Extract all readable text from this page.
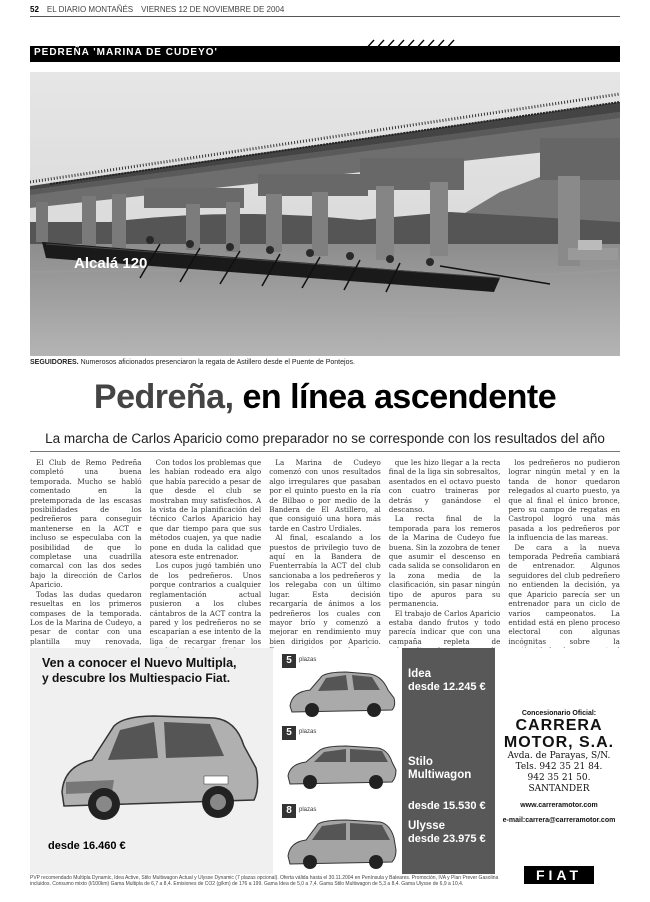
52 EL DIARIO MONTAÑÉS VIERNES 12 DE NOVIEMBRE DE 2004
PEDREÑA 'MARINA DE CUDEYO'
Alcalá 120
SEGUIDORES. Numerosos aficionados presenciaron la regata de Astillero desde el Puente de Pontejos.
Pedreña, en línea ascendente
La marcha de Carlos Aparicio como preparador no se corresponde con los resultados del año

El Club de Remo Pedreña completó una buena temporada. Mucho se habló comentado en la pretemporada de las escasas posibilidades de los pedreñeros para conseguir mantenerse en la ACT e incluso se especulaba con la posibilidad de que lo completase una cuadrilla comarcal con las dos sedes bajo la dirección de Carlos Aparicio.

Todas las dudas quedaron resueltas en los primeros compases de la temporada. Los de la Marina de Cudeyo, a pesar de contar con una plantilla muy renovada,

Con todos los problemas que les habían rodeado era algo que había parecido a pesar de que desde el club se mostraban muy satisfechos. A la vista de la planificación del técnico Carlos Aparicio hay que dar tiempo para que sus métodos cuajen, ya que nadie pone en duda la calidad que atesora este entrenador.

Los cupos jugó también uno de los pedreñeros. Unos porque contrarios a cualquier reglamentación actual pusieron a los clubes cántabros de la ACT contra la pared y los pedreñeros no se escaparían a ese intento de la liga de recargar frenar los

La Marina de Cudeyo comenzó con unos resultados algo irregulares que pasaban por el quinto puesto en la ría de Bilbao o por medio de la Bandera de El Astillero, al que consiguió una hora más tarde en Castro Urdiales.

Al final, escalando a los puestos de privilegio tuvo de aquí en la Bandera de Fuenterrabía la ACT del club sancionaba a los pedreñeros y los relegaba con un último lugar. Esta decisión recargaría de ánimos a los pedreñeros los cuales con mayor brío y comenzó a mejorar en rendimiento muy bien dirigidos por Aparicio.

que les hizo llegar a la recta final de la liga sin sobresaltos, asentados en el octavo puesto con cuatro traineras por detrás y ganándose el descanso.

La recta final de la temporada para los remeros de la Marina de Cudeyo fue buena. Sin la zozobra de tener que asumir el descenso en cada salida se consolidaron en la zona media de la clasificación, sin pasar ningún tipo de apuros para su permanencia.

El trabajo de Carlos Aparicio estaba dando frutos y todo parecía indicar que con una campaña repleta de

los pedreñeros no pudieron lograr ningún metal y en la tanda de honor quedaron relegados al cuarto puesto, ya que al final el único bronce, pero su campo de regatas en Castropol logró una más pasada a los pedreñeros por la influencia de las mareas.

De cara a la nueva temporada Pedreña cambiará de entrenador. Algunos seguidores del club pedreñero no entienden la decisión, ya que Aparicio parecía ser un entrenador para un ciclo de varios campeonatos. La entidad está en pleno proceso electoral con algunas incógnitas sobre la

Ven a conocer el Nuevo Multipla,
y descubre los Multiespacio Fiat.
desde 16.460 €
5	plazas
5	plazas
8	plazas
Idea
desde 12.245 €

Stilo
Multiwagon

desde 15.530 €

Ulysse
desde 23.975 €
Concesionario Oficial:
CARRERA
MOTOR, S.A.
Avda. de Parayas, S/N.
Tels. 942 35 21 84.
942 35 21 50.
SANTANDER
www.carreramotor.com
e-mail:carrera@carreramotor.com
PVP recomendado Multipla Dynamic, Idea Active, Stilo Multiwagon Actual y Ulysse Dynamic (7 plazas opcional). Oferta válida hasta el 30.11.2004 en Península y Baleares. Promoción, IVA y Plan Prever Gasolina incluidos. Consumo mixto (l/100km) Gama Multipla de 6,7 a 8,4. Emisiones de CO2 (g/km) de 176 a 199. Gama Idea de 5,0 a 7,4. Gama Stilo Multiwagon de 5,3 a 8,4. Gama Ulysse de 6,9 a 10,4.
FIAT
